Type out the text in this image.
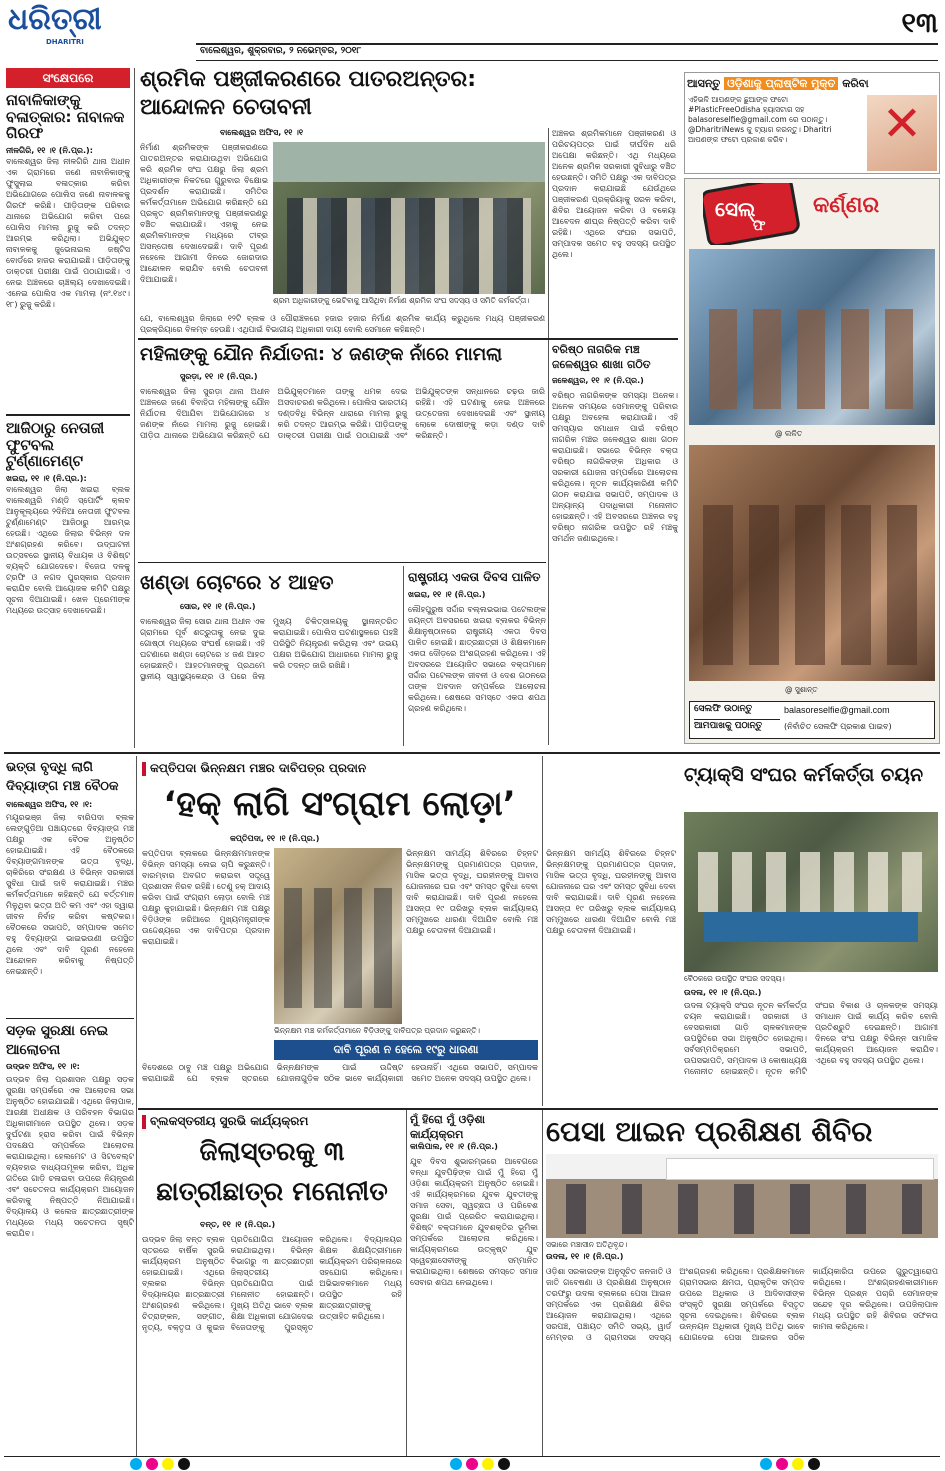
ଧରିତ୍ରୀ
DHARITRI
୧୩
ବାଲେଶ୍ୱର, ଶୁକ୍ରବାର, ୨ ନଭେମ୍ବର, ୨୦୧୮
ସଂକ୍ଷେପରେ
ନାବାଳିକାଙ୍କୁ ବଳାତ୍କାର: ନାବାଳକ ଗିରଫ
ନୀଳଗିରି, ୧୧ ।୧ (ନି.ପ୍ର.):
ବାଲେଶ୍ୱର ଜିଲା ନୀଳଗିରି ଥାନା ଅଧୀନ ଏକ ଗ୍ରାମରେ ଜଣେ ନାବାଳିକାଙ୍କୁ ଫୁସୁଲାଇ ବଳାତ୍କାର କରିବା ଅଭିଯୋଗରେ ପୋଲିସ ଜଣେ ନାବାଳକକୁ ଗିରଫ କରିଛି। ପୀଡ଼ିତାଙ୍କ ପରିବାର ଥାନାରେ ଅଭିଯୋଗ କରିବା ପରେ ପୋଲିସ ମାମଲା ରୁଜୁ କରି ତଦନ୍ତ ଆରମ୍ଭ କରିଥିଲା। ଅଭିଯୁକ୍ତ ନାବାଳକକୁ ଜୁଭେନାଇଲ ଜଷ୍ଟିସ ବୋର୍ଡରେ ହାଜର କରାଯାଇଛି। ପୀଡ଼ିତାଙ୍କୁ ଡାକ୍ତରୀ ପରୀକ୍ଷା ପାଇଁ ପଠାଯାଇଛି। ଏ ନେଇ ଅଞ୍ଚଳରେ ଚାଞ୍ଚଲ୍ୟ ଦେଖାଦେଇଛି। ଏନେଇ ପୋଲିସ ଏକ ମାମଲା (ନଂ.୧୪୯।୧୮) ରୁଜୁ କରିଛି।
ଆଜିଠାରୁ ନେତାଜୀ ଫୁଟବଲ ଟୁର୍ଣ୍ଣାମେଣ୍ଟ
ଖଇରା, ୧୧ ।୧ (ନି.ପ୍ର.):
ବାଲେଶ୍ୱର ଜିଲା ଖଇରା ବ୍ଲକ ବାଲେଶ୍ୱରି ମଣ୍ଡି ସ୍ପୋର୍ଟିଂ କ୍ଲବ ଆନୁକୂଲ୍ୟରେ ୨ଦିନିଆ ନେତାଜୀ ଫୁଟବଲ ଟୁର୍ଣ୍ଣାମେଣ୍ଟ ଆଜିଠାରୁ ଆରମ୍ଭ ହେଉଛି। ଏଥିରେ ଜିଲାର ବିଭିନ୍ନ ଦଳ ଅଂଶଗ୍ରହଣ କରିବେ। ଉଦ୍‌ଘାଟନୀ ଉତ୍ସବରେ ସ୍ଥାନୀୟ ବିଧାୟକ ଓ ବିଶିଷ୍ଟ ବ୍ୟକ୍ତି ଯୋଗଦେବେ। ବିଜେତା ଦଳକୁ ଟ୍ରଫି ଓ ନଗଦ ପୁରସ୍କାର ପ୍ରଦାନ କରାଯିବ ବୋଲି ଆୟୋଜକ କମିଟି ପକ୍ଷରୁ ସୂଚନା ଦିଆଯାଇଛି। ଖେଳ ପ୍ରେମୀଙ୍କ ମଧ୍ୟରେ ଉତ୍ସାହ ଦେଖାଦେଇଛି।
ଶ୍ରମିକ ପଞ୍ଜୀକରଣରେ ପାତରଅନ୍ତର: ଆନ୍ଦୋଳନ ଚେତାବନୀ
ବାଲେଶ୍ୱର ଅଫିସ, ୧୧ ।୧
ନିର୍ମାଣ ଶ୍ରମିକଙ୍କ ପଞ୍ଜୀକରଣରେ ପାତରଅନ୍ତର କରାଯାଉଥିବା ଅଭିଯୋଗ କରି ଶ୍ରମିକ ସଂଘ ପକ୍ଷରୁ ଜିଲା ଶ୍ରମ ଅଧିକାରୀଙ୍କ ନିକଟରେ ଗୁରୁବାର ବିକ୍ଷୋଭ ପ୍ରଦର୍ଶନ କରାଯାଇଛି। ସମିତିର କର୍ମକର୍ତ୍ତାମାନେ ଅଭିଯୋଗ କରିଛନ୍ତି ଯେ ପ୍ରକୃତ ଶ୍ରମିକମାନଙ୍କୁ ପଞ୍ଜୀକରଣରୁ ବଞ୍ଚିତ କରାଯାଉଛି। ଏହାକୁ ନେଇ ଶ୍ରମିକମାନଙ୍କ ମଧ୍ୟରେ ତୀବ୍ର ଅସନ୍ତୋଷ ଦେଖାଦେଇଛି। ଦାବି ପୂରଣ ନହେଲେ ଆଗାମୀ ଦିନରେ ଜୋରଦାର ଆନ୍ଦୋଳନ କରାଯିବ ବୋଲି ଚେତାବନୀ ଦିଆଯାଇଛି।
ଶ୍ରମ ଅଧିକାରୀଙ୍କୁ ଭେଟିବାକୁ ଆସିଥିବା ନିର୍ମାଣ ଶ୍ରମିକ ସଂଘ ସଦସ୍ୟ ଓ ସମିତି କର୍ମକର୍ତ୍ତା।
ଯେ, ବାଲେଶ୍ୱର ଜିଲାରେ ୧୨ଟି ବ୍ଲକ ଓ ପୌରାଞ୍ଚଳରେ ହଜାର ହଜାର ନିର୍ମାଣ ଶ୍ରମିକ କାର୍ଯ୍ୟ କରୁଥିଲେ ମଧ୍ୟ ପଞ୍ଜୀକରଣ ପ୍ରକ୍ରିୟାରେ ବିଳମ୍ବ ହେଉଛି। ଏଥିପାଇଁ ବିଭାଗୀୟ ଅଧିକାରୀ ଦାୟୀ ବୋଲି ସେମାନେ କହିଛନ୍ତି।
ଅଞ୍ଚଳର ଶ୍ରମିକମାନେ ପଞ୍ଜୀକରଣ ଓ ପରିଚୟପତ୍ର ପାଇଁ ଦୀର୍ଘଦିନ ଧରି ଅପେକ୍ଷା କରିଛନ୍ତି। ଏଥି ମଧ୍ୟରେ ଅନେକ ଶ୍ରମିକ ସରକାରୀ ସୁବିଧାରୁ ବଞ୍ଚିତ ହେଉଛନ୍ତି। ସମିତି ପକ୍ଷରୁ ଏକ ଦାବିପତ୍ର ପ୍ରଦାନ କରାଯାଇଛି ଯେଉଁଥିରେ ପଞ୍ଜୀକରଣ ପ୍ରକ୍ରିୟାକୁ ସରଳ କରିବା, ଶିବିର ଆୟୋଜନ କରିବା ଓ ବକେୟା ଆବେଦନ ଶୀଘ୍ର ନିଷ୍ପତ୍ତି କରିବା ଦାବି ରହିଛି। ଏଥିରେ ସଂଘର ସଭାପତି, ସମ୍ପାଦକ ସମେତ ବହୁ ସଦସ୍ୟ ଉପସ୍ଥିତ ଥିଲେ।
ଆସନ୍ତୁ ଓଡ଼ିଶାକୁ ପ୍ଲାଷ୍ଟିକ ମୁକ୍ତ କରିବା
ଏହିଭଳି ଆପଣଙ୍କ ଛୁଆଙ୍କ ଫଟୋ #PlasticFreeOdisha ହ୍ୟାସଟାଗ ସହ balasoreselfie@gmail.com ରେ ପଠାନ୍ତୁ। @DharitriNews କୁ ଟ୍ୟାଗ କରନ୍ତୁ। Dharitri ଆପଣଙ୍କ ଫଟୋ ପ୍ରକାଶ କରିବ।	✕
ସେଲ୍
ଫି
କର୍ଣ୍ଣର
@ ଲଳିତ
@ ସୁଶାନ୍ତ
ସେଲଫି ଉଠାନ୍ତୁ
ଆମପାଖକୁ ପଠାନ୍ତୁ
balasoreselfie@gmail.com
(ନିର୍ବାଚିତ ସେଲଫି ପ୍ରକାଶ ପାଇବ)
ମହିଳାଙ୍କୁ ଯୌନ ନିର୍ଯାତନା: ୪ ଜଣଙ୍କ ନାଁରେ ମାମଲା
ସୁରଡ଼ା, ୧୧ ।୧ (ନି.ପ୍ର.)
ବାଲେଶ୍ୱର ଜିଲା ସୁରଡ଼ା ଥାନା ଅଧୀନ ଅଞ୍ଚଳରେ ଜଣେ ବିବାହିତା ମହିଳାଙ୍କୁ ଯୌନ ନିର୍ଯାତନା ଦିଆଯିବା ଅଭିଯୋଗରେ ୪ ଜଣଙ୍କ ନାଁରେ ମାମଲା ରୁଜୁ ହୋଇଛି। ପୀଡ଼ିତା ଥାନାରେ ଅଭିଯୋଗ କରିଛନ୍ତି ଯେ ଅଭିଯୁକ୍ତମାନେ ତାଙ୍କୁ ଧମକ ଦେଇ ଅସଦାଚରଣ କରିଥିଲେ। ପୋଲିସ ଭାରତୀୟ ଦଣ୍ଡବିଧି ବିଭିନ୍ନ ଧାରାରେ ମାମଲା ରୁଜୁ କରି ତଦନ୍ତ ଆରମ୍ଭ କରିଛି। ପୀଡ଼ିତାଙ୍କୁ ଡାକ୍ତରୀ ପରୀକ୍ଷା ପାଇଁ ପଠାଯାଇଛି ଏବଂ ଅଭିଯୁକ୍ତଙ୍କ ସନ୍ଧାନରେ ଚଢ଼ଉ ଜାରି ରହିଛି। ଏହି ଘଟଣାକୁ ନେଇ ଅଞ୍ଚଳରେ ଉତ୍ତେଜନା ଦେଖାଦେଇଛି ଏବଂ ସ୍ଥାନୀୟ ଲୋକେ ଦୋଷୀଙ୍କୁ କଡ଼ା ଦଣ୍ଡ ଦାବି କରିଛନ୍ତି।
ବରିଷ୍ଠ ନାଗରିକ ମଞ୍ଚ ଜଳେଶ୍ୱର ଶାଖା ଗଠିତ
ଜଳେଶ୍ୱର, ୧୧ ।୧ (ନି.ପ୍ର.)
ବରିଷ୍ଠ ନାଗରିକଙ୍କ ସମସ୍ୟା ଅନେକ। ଅନେକ ସମୟରେ ସେମାନଙ୍କୁ ପରିବାର ପକ୍ଷରୁ ଅବହେଳା କରାଯାଉଛି। ଏହି ସମସ୍ୟାର ସମାଧାନ ପାଇଁ ବରିଷ୍ଠ ନାଗରିକ ମଞ୍ଚର ଜଳେଶ୍ୱର ଶାଖା ଗଠନ କରାଯାଇଛି। ସଭାରେ ବିଭିନ୍ନ ବକ୍ତା ବରିଷ୍ଠ ନାଗରିକଙ୍କ ଅଧିକାର ଓ ସରକାରୀ ଯୋଜନା ସମ୍ପର୍କରେ ଆଲୋଚନା କରିଥିଲେ। ନୂତନ କାର୍ଯ୍ୟକାରିଣୀ କମିଟି ଗଠନ କରାଯାଇ ସଭାପତି, ସମ୍ପାଦକ ଓ ଅନ୍ୟାନ୍ୟ ପଦାଧିକାରୀ ମନୋନୀତ ହୋଇଛନ୍ତି। ଏହି ଅବସରରେ ଅଞ୍ଚଳର ବହୁ ବରିଷ୍ଠ ନାଗରିକ ଉପସ୍ଥିତ ରହି ମଞ୍ଚକୁ ସମର୍ଥନ ଜଣାଇଥିଲେ।
ଖଣ୍ଡା ଚୋଟରେ ୪ ଆହତ
ସୋର, ୧୧ ।୧ (ନି.ପ୍ର.)
ବାଲେଶ୍ୱର ଜିଲା ସୋର ଥାନା ଅଧୀନ ଏକ ଗ୍ରାମରେ ପୂର୍ବ ଶତ୍ରୁତାକୁ ନେଇ ଦୁଇ ଗୋଷ୍ଠୀ ମଧ୍ୟରେ ସଂଘର୍ଷ ହୋଇଛି। ଏହି ଘଟଣାରେ ଖଣ୍ଡା ଚୋଟରେ ୪ ଜଣ ଆହତ ହୋଇଛନ୍ତି। ଆହତମାନଙ୍କୁ ପ୍ରଥମେ ସ୍ଥାନୀୟ ସ୍ୱାସ୍ଥ୍ୟକେନ୍ଦ୍ର ଓ ପରେ ଜିଲା ମୁଖ୍ୟ ଚିକିତ୍ସାଳୟକୁ ସ୍ଥାନାନ୍ତରିତ କରାଯାଇଛି। ପୋଲିସ ଘଟଣାସ୍ଥଳରେ ପହଞ୍ଚି ପରିସ୍ଥିତି ନିୟନ୍ତ୍ରଣ କରିଥିଲା ଏବଂ ଉଭୟ ପକ୍ଷର ଅଭିଯୋଗ ଆଧାରରେ ମାମଲା ରୁଜୁ କରି ତଦନ୍ତ ଜାରି ରଖିଛି।
ରାଷ୍ଟ୍ରୀୟ ଏକତା ଦିବସ ପାଳିତ
ଖଇରା, ୧୧ ।୧ (ନି.ପ୍ର.)
ଲୌହପୁରୁଷ ସର୍ଦ୍ଦାର ବଲ୍ଲଭଭାଇ ପଟେଲଙ୍କ ଜୟନ୍ତୀ ଅବସରରେ ଖଇରା ବ୍ଲକର ବିଭିନ୍ନ ଶିକ୍ଷାନୁଷ୍ଠାନରେ ରାଷ୍ଟ୍ରୀୟ ଏକତା ଦିବସ ପାଳିତ ହୋଇଛି। ଛାତ୍ରଛାତ୍ରୀ ଓ ଶିକ୍ଷକମାନେ ଏକତା ଦୌଡ଼ରେ ଅଂଶଗ୍ରହଣ କରିଥିଲେ। ଏହି ଅବସରରେ ଆୟୋଜିତ ସଭାରେ ବକ୍ତାମାନେ ସର୍ଦ୍ଦାର ପଟେଲଙ୍କ ଜୀବନୀ ଓ ଦେଶ ଗଠନରେ ତାଙ୍କ ଅବଦାନ ସମ୍ପର୍କରେ ଆଲୋଚନା କରିଥିଲେ। ଶେଷରେ ସମସ୍ତେ ଏକତା ଶପଥ ଗ୍ରହଣ କରିଥିଲେ।
ଭତ୍ତା ବୃଦ୍ଧି ଲାଗି ଦିବ୍ୟାଙ୍ଗ ମଞ୍ଚ ବୈଠକ
ବାଲେଶ୍ୱର ଅଫିସ, ୧୧ ।୧:
ମୟୂରଭଞ୍ଜ ଜିଲା ବାରିପଦା ବ୍ଲକ ଲେଙ୍ଗୁଡ଼ିଆ ପଞ୍ଚାୟତରେ ଦିବ୍ୟାଙ୍ଗ ମଞ୍ଚ ପକ୍ଷରୁ ଏକ ବୈଠକ ଅନୁଷ୍ଠିତ ହୋଇଯାଇଛି। ଏହି ବୈଠକରେ ଦିବ୍ୟାଙ୍ଗମାନଙ୍କ ଭତ୍ତା ବୃଦ୍ଧି, ଚାକିରିରେ ସଂରକ୍ଷଣ ଓ ବିଭିନ୍ନ ସରକାରୀ ସୁବିଧା ପାଇଁ ଦାବି କରାଯାଇଛି। ମଞ୍ଚର କର୍ମକର୍ତ୍ତାମାନେ କହିଛନ୍ତି ଯେ ବର୍ତ୍ତମାନ ମିଳୁଥିବା ଭତ୍ତା ଅତି କମ ଏବଂ ଏହା ଦ୍ୱାରା ଜୀବନ ନିର୍ବାହ କରିବା କଷ୍ଟକର। ବୈଠକରେ ସଭାପତି, ସମ୍ପାଦକ ସମେତ ବହୁ ଦିବ୍ୟାଙ୍ଗ ଭାଇଭଉଣୀ ଉପସ୍ଥିତ ଥିଲେ ଏବଂ ଦାବି ପୂରଣ ନହେଲେ ଆନ୍ଦୋଳନ କରିବାକୁ ନିଷ୍ପତ୍ତି ନେଇଛନ୍ତି।
ସଡ଼କ ସୁରକ୍ଷା ନେଇ ଆଲୋଚନା
ଉଦ୍ଭବ ଅଫିସ, ୧୧ ।୧:
ଉଦ୍ଭବ ଜିଲା ପ୍ରଶାସନ ପକ୍ଷରୁ ସଡ଼କ ସୁରକ୍ଷା ସମ୍ପର୍କରେ ଏକ ଆଲୋଚନା ସଭା ଅନୁଷ୍ଠିତ ହୋଇଯାଇଛି। ଏଥିରେ ଜିଲାପାଳ, ଆରକ୍ଷୀ ଅଧୀକ୍ଷକ ଓ ପରିବହନ ବିଭାଗର ଅଧିକାରୀମାନେ ଉପସ୍ଥିତ ଥିଲେ। ସଡ଼କ ଦୁର୍ଘଟଣା ହ୍ରାସ କରିବା ପାଇଁ ବିଭିନ୍ନ ପଦକ୍ଷେପ ସମ୍ପର୍କରେ ଆଲୋଚନା କରାଯାଇଥିଲା। ହେଲମେଟ ଓ ସିଟବେଲ୍ଟ ବ୍ୟବହାର ବାଧ୍ୟତାମୂଳକ କରିବା, ଅଧିକ ଗତିରେ ଗାଡ଼ି ଚଳାଇବା ଉପରେ ନିୟନ୍ତ୍ରଣ ଏବଂ ସଚେତନତା କାର୍ଯ୍ୟକ୍ରମ ଆୟୋଜନ କରିବାକୁ ନିଷ୍ପତ୍ତି ନିଆଯାଇଛି। ବିଦ୍ୟାଳୟ ଓ କଲେଜ ଛାତ୍ରଛାତ୍ରୀଙ୍କ ମଧ୍ୟରେ ମଧ୍ୟ ସଚେତନତା ସୃଷ୍ଟି କରାଯିବ।
କପ୍ତିପଦା ଭିନ୍ନକ୍ଷମ ମଞ୍ଚର ଦାବିପତ୍ର ପ୍ରଦାନ
‘ହକ୍ ଲାଗି ସଂଗ୍ରାମ ଲୋଡ଼ା’
କପ୍ତିପଦା, ୧୧ ।୧ (ନି.ପ୍ର.)
କପ୍ତିପଦା ବ୍ଲକରେ ଭିନ୍ନକ୍ଷମମାନଙ୍କ ବିଭିନ୍ନ ସମସ୍ୟା ଲେଇ ଚାପି କରୁଛନ୍ତି। ବାରମ୍ବାର ଅବଗତ କରାଇବା ସତ୍ତ୍ୱେ ପ୍ରଶାସନ ନିରବ ରହିଛି। ତେଣୁ ହକ୍ ଆଦାୟ କରିବା ପାଇଁ ସଂଗ୍ରାମ ଲୋଡ଼ା ବୋଲି ମଞ୍ଚ ପକ୍ଷରୁ କୁହାଯାଇଛି। ଭିନ୍ନକ୍ଷମ ମଞ୍ଚ ପକ୍ଷରୁ ବିଡ଼ିଓଙ୍କ ଜରିଆରେ ମୁଖ୍ୟମନ୍ତ୍ରୀଙ୍କ ଉଦ୍ଦେଶ୍ୟରେ ଏକ ଦାବିପତ୍ର ପ୍ରଦାନ କରାଯାଇଛି।
ଭିନ୍ନକ୍ଷମ ସାମର୍ଥ୍ୟ ଶିବିରରେ ଚିହ୍ନଟ ଭିନ୍ନକ୍ଷମଙ୍କୁ ପ୍ରମାଣପତ୍ର ପ୍ରଦାନ, ମାସିକ ଭତ୍ତା ବୃଦ୍ଧି, ଘରହୀନଙ୍କୁ ଆବାସ ଯୋଜନାରେ ଘର ଏବଂ ସମସ୍ତ ସୁବିଧା ଦେବା ଦାବି କରାଯାଇଛି। ଦାବି ପୂରଣ ନହେଲେ ଆସନ୍ତା ୧୯ ତାରିଖରୁ ବ୍ଲକ କାର୍ଯ୍ୟାଳୟ ସମ୍ମୁଖରେ ଧାରଣା ଦିଆଯିବ ବୋଲି ମଞ୍ଚ ପକ୍ଷରୁ ଚେତାବନୀ ଦିଆଯାଇଛି।
ଭିନ୍ନକ୍ଷମ ମଞ୍ଚ କର୍ମକର୍ତ୍ତାମାନେ ବିଡ଼ିଓଙ୍କୁ ଦାବିପତ୍ର ପ୍ରଦାନ କରୁଛନ୍ତି।
ଦାବି ପୂରଣ ନ ହେଲେ ୧୯ରୁ ଧାରଣା
ବିଦେଶରେ ଠାବୁ ମଞ୍ଚ ପକ୍ଷରୁ ଅଭିଯୋଗ କରାଯାଇଛି ଯେ ବ୍ଲକ ସ୍ତରରେ ଭିନ୍ନକ୍ଷମଙ୍କ ପାଇଁ ଉଦ୍ଦିଷ୍ଟ ଯୋଜନାଗୁଡ଼ିକ ସଠିକ ଭାବେ କାର୍ଯ୍ୟକାରୀ ହେଉନାହିଁ। ଏଥିରେ ସଭାପତି, ସମ୍ପାଦକ ସମେତ ଅନେକ ସଦସ୍ୟ ଉପସ୍ଥିତ ଥିଲେ।
ଭିନ୍ନକ୍ଷମ ସାମର୍ଥ୍ୟ ଶିବିରରେ ଚିହ୍ନଟ ଭିନ୍ନକ୍ଷମଙ୍କୁ ପ୍ରମାଣପତ୍ର ପ୍ରଦାନ, ମାସିକ ଭତ୍ତା ବୃଦ୍ଧି, ଘରହୀନଙ୍କୁ ଆବାସ ଯୋଜନାରେ ଘର ଏବଂ ସମସ୍ତ ସୁବିଧା ଦେବା ଦାବି କରାଯାଇଛି। ଦାବି ପୂରଣ ନହେଲେ ଆସନ୍ତା ୧୯ ତାରିଖରୁ ବ୍ଲକ କାର୍ଯ୍ୟାଳୟ ସମ୍ମୁଖରେ ଧାରଣା ଦିଆଯିବ ବୋଲି ମଞ୍ଚ ପକ୍ଷରୁ ଚେତାବନୀ ଦିଆଯାଇଛି।
ଟ୍ୟାକ୍ସି ସଂଘର କର୍ମକର୍ତ୍ତା ଚୟନ
ବୈଠକରେ ଉପସ୍ଥିତ ସଂଘର ସଦସ୍ୟ।
ଉଦଳା, ୧୧ ।୧ (ନି.ପ୍ର.)
ଉଦଳା ଟ୍ୟାକ୍ସି ସଂଘର ନୂତନ କର୍ମକର୍ତ୍ତା ଚୟନ କରାଯାଇଛି। ସରକାରୀ ଓ ବେସରକାରୀ ଗାଡ଼ି ଚାଳକମାନଙ୍କ ଉପସ୍ଥିତିରେ ସଭା ଅନୁଷ୍ଠିତ ହୋଇଥିଲା। ସର୍ବସମ୍ମତିକ୍ରମେ ସଭାପତି, ଉପସଭାପତି, ସମ୍ପାଦକ ଓ କୋଷାଧ୍ୟକ୍ଷ ମନୋନୀତ ହୋଇଛନ୍ତି। ନୂତନ କମିଟି ସଂଘର ବିକାଶ ଓ ଚାଳକଙ୍କ ସମସ୍ୟା ସମାଧାନ ପାଇଁ କାର୍ଯ୍ୟ କରିବ ବୋଲି ପ୍ରତିଶ୍ରୁତି ଦେଇଛନ୍ତି। ଆଗାମୀ ଦିନରେ ସଂଘ ପକ୍ଷରୁ ବିଭିନ୍ନ ସାମାଜିକ କାର୍ଯ୍ୟକ୍ରମ ଆୟୋଜନ କରାଯିବ। ଏଥିରେ ବହୁ ସଦସ୍ୟ ଉପସ୍ଥିତ ଥିଲେ।
ବ୍ଲକସ୍ତରୀୟ ସୁରଭି କାର୍ଯ୍ୟକ୍ରମ
ଜିଲାସ୍ତରକୁ ୩ ଛାତ୍ରୀଛାତ୍ର ମନୋନୀତ
ବନ୍ତ, ୧୧ ।୧ (ନି.ପ୍ର.)
ଉଦ୍ଭବ ଜିଲା ବନ୍ତ ବ୍ଲକ ସ୍ତରରେ ବାର୍ଷିକ ସୁରଭି କାର୍ଯ୍ୟକ୍ରମ ଅନୁଷ୍ଠିତ ହୋଇଯାଇଛି। ଏଥିରେ ବ୍ଲକର ବିଭିନ୍ନ ବିଦ୍ୟାଳୟର ଛାତ୍ରଛାତ୍ରୀ ଅଂଶଗ୍ରହଣ କରିଥିଲେ। ଚିତ୍ରାଙ୍କନ, ସଙ୍ଗୀତ, ନୃତ୍ୟ, ବକ୍ତୃତା ଓ କୁଇଜ ପ୍ରତିଯୋଗିତା ଆୟୋଜନ କରାଯାଇଥିଲା। ବିଭିନ୍ନ ବିଭାଗରୁ ୩ ଛାତ୍ରଛାତ୍ରୀ ଜିଲାସ୍ତରୀୟ ପ୍ରତିଯୋଗିତା ପାଇଁ ମନୋନୀତ ହୋଇଛନ୍ତି। ମୁଖ୍ୟ ଅତିଥି ଭାବେ ବ୍ଲକ ଶିକ୍ଷା ଅଧିକାରୀ ଯୋଗଦେଇ ବିଜେତାଙ୍କୁ ପୁରସ୍କୃତ କରିଥିଲେ। ବିଦ୍ୟାଳୟର ଶିକ୍ଷକ ଶିକ୍ଷୟିତ୍ରୀମାନେ କାର୍ଯ୍ୟକ୍ରମ ପରିଚାଳନାରେ ସହଯୋଗ କରିଥିଲେ। ଅଭିଭାବକମାନେ ମଧ୍ୟ ଉପସ୍ଥିତ ରହି ଛାତ୍ରଛାତ୍ରୀଙ୍କୁ ଉତ୍ସାହିତ କରିଥିଲେ।
ମୁଁ ହିରୋ ମୁଁ ଓଡ଼ିଶା କାର୍ଯ୍ୟକ୍ରମ
କାଲିପାଲ, ୧୧ ।୧ (ନି.ପ୍ର.)
ଯୁବ ଦିବସ ଶୁଭାରମ୍ଭରେ ଆବେଗରେ ବନ୍ଧା ଯୁବପିଢ଼ିଙ୍କ ପାଇଁ ମୁଁ ହିରୋ ମୁଁ ଓଡ଼ିଶା କାର୍ଯ୍ୟକ୍ରମ ଅନୁଷ୍ଠିତ ହୋଇଛି। ଏହି କାର୍ଯ୍ୟକ୍ରମରେ ଯୁବକ ଯୁବତୀଙ୍କୁ ସମାଜ ସେବା, ସ୍ୱଚ୍ଛତା ଓ ପରିବେଶ ସୁରକ୍ଷା ପାଇଁ ପ୍ରେରିତ କରାଯାଇଥିଲା। ବିଶିଷ୍ଟ ବକ୍ତାମାନେ ଯୁବଶକ୍ତିର ଭୂମିକା ସମ୍ପର୍କରେ ଆଲୋଚନା କରିଥିଲେ। କାର୍ଯ୍ୟକ୍ରମରେ ଉତ୍କୃଷ୍ଟ ଯୁବ ସ୍ୱେଚ୍ଛାସେବୀଙ୍କୁ ସମ୍ମାନିତ କରାଯାଇଥିଲା। ଶେଷରେ ସମସ୍ତେ ସମାଜ ସେବାର ଶପଥ ନେଇଥିଲେ।
ପେସା ଆଇନ ପ୍ରଶିକ୍ଷଣ ଶିବିର
ସଭାରେ ମଞ୍ଚାସୀନ ଅତିଥିବୃନ୍ଦ।
ଉଦଳା, ୧୧ ।୧ (ନି.ପ୍ର.)
ଓଡ଼ିଶା ସରକାରଙ୍କ ଅନୁସୂଚିତ ଜନଜାତି ଓ ଜାତି ଗବେଷଣା ଓ ପ୍ରଶିକ୍ଷଣ ଅନୁଷ୍ଠାନ ତରଫରୁ ଉଦଳା ବ୍ଲକରେ ପେସା ଆଇନ ସମ୍ପର୍କରେ ଏକ ପ୍ରଶିକ୍ଷଣ ଶିବିର ଆୟୋଜନ କରାଯାଇଥିଲା। ଏଥିରେ ସରପଞ୍ଚ, ପଞ୍ଚାୟତ ସମିତି ସଭ୍ୟ, ୱାର୍ଡ ମେମ୍ବର ଓ ଗ୍ରାମସଭା ସଦସ୍ୟ ଅଂଶଗ୍ରହଣ କରିଥିଲେ। ପ୍ରଶିକ୍ଷକମାନେ ଗ୍ରାମସଭାର କ୍ଷମତା, ପ୍ରାକୃତିକ ସମ୍ପଦ ଉପରେ ଅଧିକାର ଓ ଆଦିବାସୀଙ୍କ ସଂସ୍କୃତି ସୁରକ୍ଷା ସମ୍ପର୍କରେ ବିସ୍ତୃତ ସୂଚନା ଦେଇଥିଲେ। ଶିବିରରେ ବ୍ଲକ ଉନ୍ନୟନ ଅଧିକାରୀ ମୁଖ୍ୟ ଅତିଥି ଭାବେ ଯୋଗଦେଇ ପେସା ଆଇନର ସଠିକ କାର୍ଯ୍ୟକାରିତା ଉପରେ ଗୁରୁତ୍ୱାରୋପ କରିଥିଲେ। ଅଂଶଗ୍ରହଣକାରୀମାନେ ବିଭିନ୍ନ ପ୍ରଶ୍ନ ପଚାରି ସେମାନଙ୍କ ସନ୍ଦେହ ଦୂର କରିଥିଲେ। ଉପଜିଲାପାଳ ମଧ୍ୟ ଉପସ୍ଥିତ ରହି ଶିବିରର ସଫଳତା କାମନା କରିଥିଲେ।
